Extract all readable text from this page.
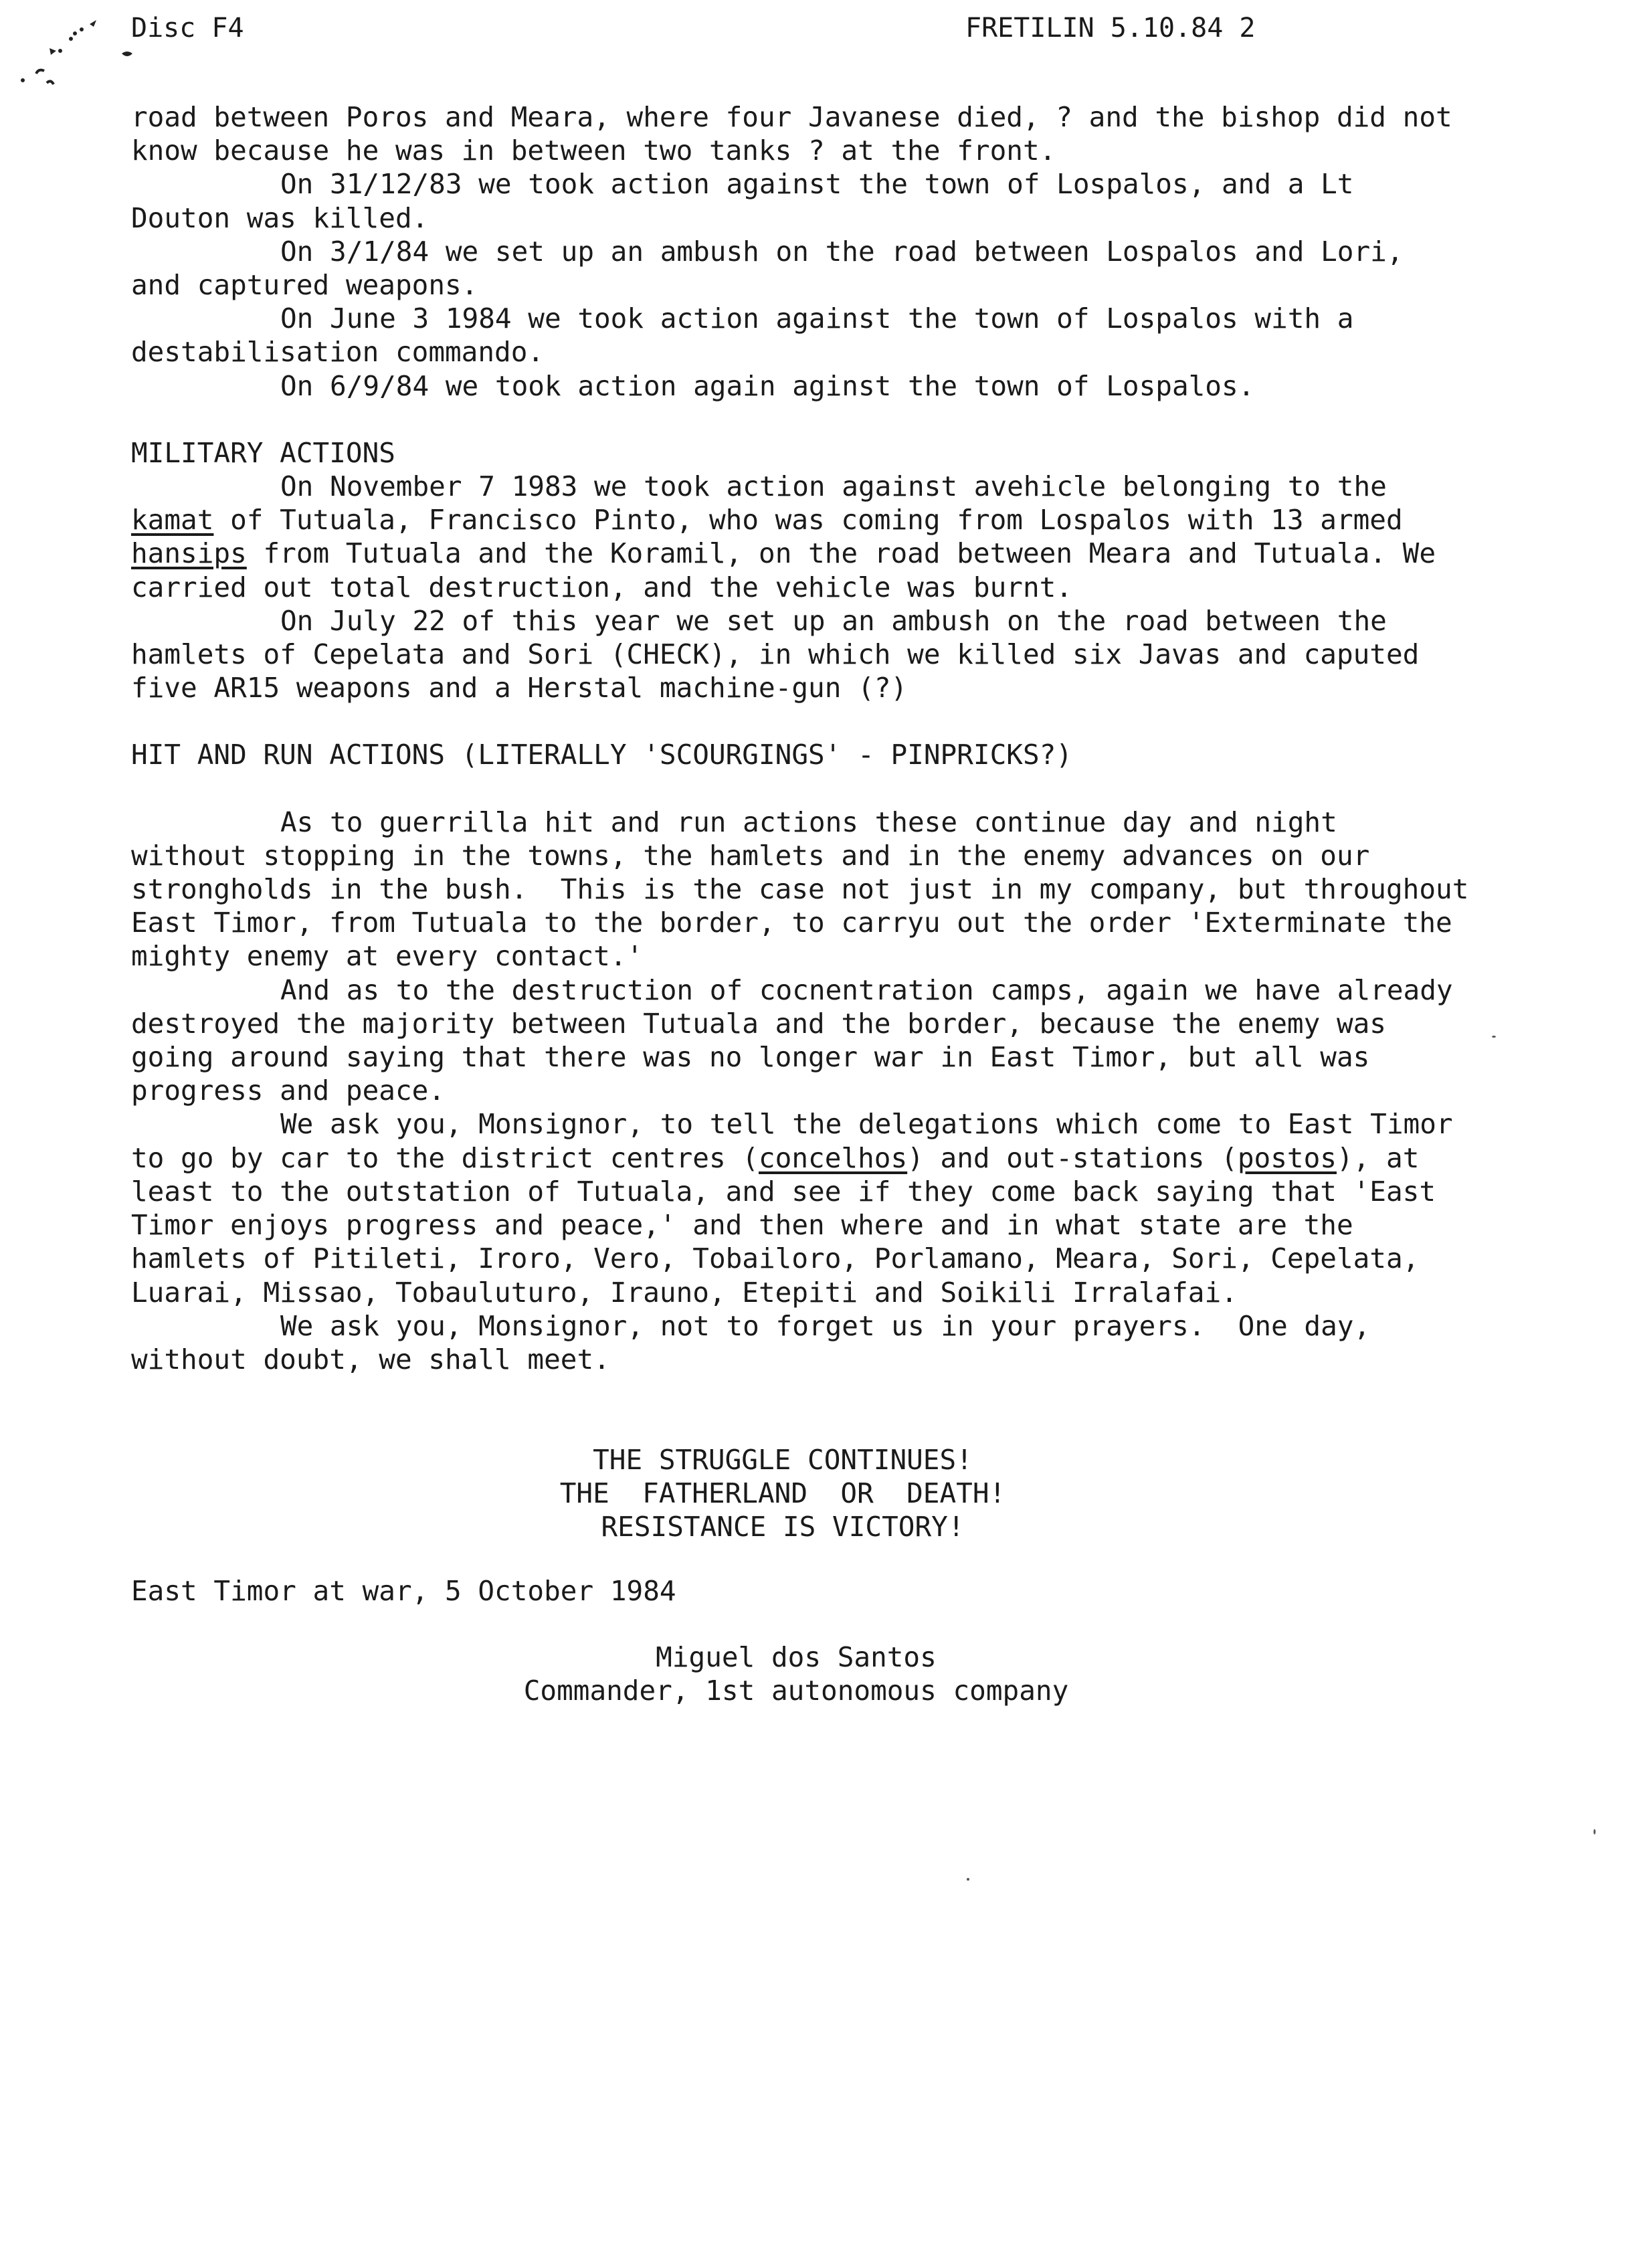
Disc F4	FRETILIN 5.10.84 2

road between Poros and Meara, where four Javanese died, ? and the bishop did not know because he was in between two tanks ? at the front.

On 31/12/83 we took action against the town of Lospalos, and a Lt Douton was killed.

On 3/1/84 we set up an ambush on the road between Lospalos and Lori, and captured weapons.

On June 3 1984 we took action against the town of Lospalos with a destabilisation commando.

On 6/9/84 we took action again aginst the town of Lospalos.

MILITARY ACTIONS

On November 7 1983 we took action against avehicle belonging to the kamat of Tutuala, Francisco Pinto, who was coming from Lospalos with 13 armed hansips from Tutuala and the Koramil, on the road between Meara and Tutuala. We  carried out total destruction, and the vehicle was burnt.

On July 22 of this year we set up an ambush on the road between the hamlets of Cepelata and Sori (CHECK), in which we killed six Javas and caputed five AR15 weapons and a Herstal machine-gun (?)

HIT AND RUN ACTIONS (LITERALLY 'SCOURGINGS' - PINPRICKS?)

As to guerrilla hit and run actions these continue day and night without stopping in the towns, the hamlets and in the enemy advances on our strongholds in the bush.  This is the case not just in my company, but throughout East Timor, from Tutuala to the border, to carryu out the order 'Exterminate the mighty enemy at every contact.'

And as to the destruction of cocnentration camps, again we have already destroyed the majority between Tutuala and the border, because the enemy was going around saying that there was no longer war in East Timor, but all was progress and peace.

We ask you, Monsignor, to tell the delegations which come to East Timor to go by car to the district centres (concelhos) and out-stations (postos), at least to the outstation of Tutuala, and see if they come back saying that 'East Timor enjoys progress and peace,' and then where and in what state are the hamlets of Pitileti, Iroro, Vero, Tobailoro, Porlamano, Meara, Sori, Cepelata, Luarai, Missao, Tobauluturo, Irauno, Etepiti and Soikili Irralafai.

We ask you, Monsignor, not to forget us in your prayers.  One day, without doubt, we shall meet.

THE STRUGGLE CONTINUES!
THE  FATHERLAND  OR  DEATH!
RESISTANCE IS VICTORY!
East Timor at war, 5 October 1984
Miguel dos Santos
Commander, 1st autonomous company
